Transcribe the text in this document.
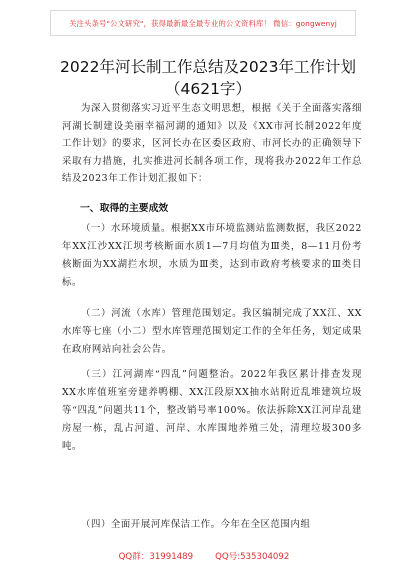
关注头条号"公文研究"，获得最新最全最专业的公文资料库！ 微信：gongwenyj
2022年河长制工作总结及2023年工作计划
（4621字）

为深入贯彻落实习近平生态文明思想，根据《关于全面落实落细河湖长制建设美丽幸福河湖的通知》以及《XX市河长制2022年度工作计划》的要求，区河长办在区委区政府、市河长办的正确领导下采取有力措施，扎实推进河长制各项工作，现将我办2022年工作总结及2023年工作计划汇报如下：

一、取得的主要成效

（一）水环境质量。根据XX市环境监测站监测数据，我区2022年XX江沙XX江坝考核断面水质1—7月均值为Ⅲ类，8—11月份考核断面为XX湖拦水坝，水质为Ⅲ类，达到市政府考核要求的Ⅲ类目标。

（二）河流（水库）管理范围划定。我区编制完成了XX江、XX水库等七座（小二）型水库管理范围划定工作的全年任务，划定成果在政府网站向社会公告。

（三）江河湖库“四乱”问题整治。2022年我区累计排查发现XX水库值班室旁建养鸭棚、XX江段原XX抽水站附近乱堆建筑垃圾等“四乱”问题共11个，整改销号率100%。依法拆除XX江河岸乱建房屋一栋，乱占河道、河岸、水库围地养殖三处，清理垃圾300多吨。

（四）全面开展河库保洁工作。今年在全区范围内组

QQ群：31991489	QQ号:535304092
